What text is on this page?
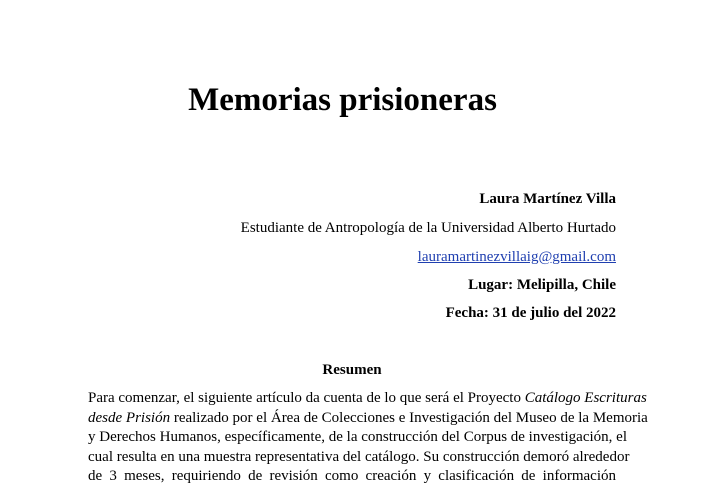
Memorias prisioneras
Laura Martínez Villa
Estudiante de Antropología de la Universidad Alberto Hurtado
lauramartinezvillaig@gmail.com
Lugar: Melipilla, Chile
Fecha: 31 de julio del 2022
Resumen

Para comenzar, el siguiente artículo da cuenta de lo que será el Proyecto Catálogo Escrituras
desde Prisión realizado por el Área de Colecciones e Investigación del Museo de la Memoria
y Derechos Humanos, específicamente, de la construcción del Corpus de investigación, el
cual resulta en una muestra representativa del catálogo. Su construcción demoró alrededor
de 3 meses, requiriendo de revisión como creación y clasificación de información
